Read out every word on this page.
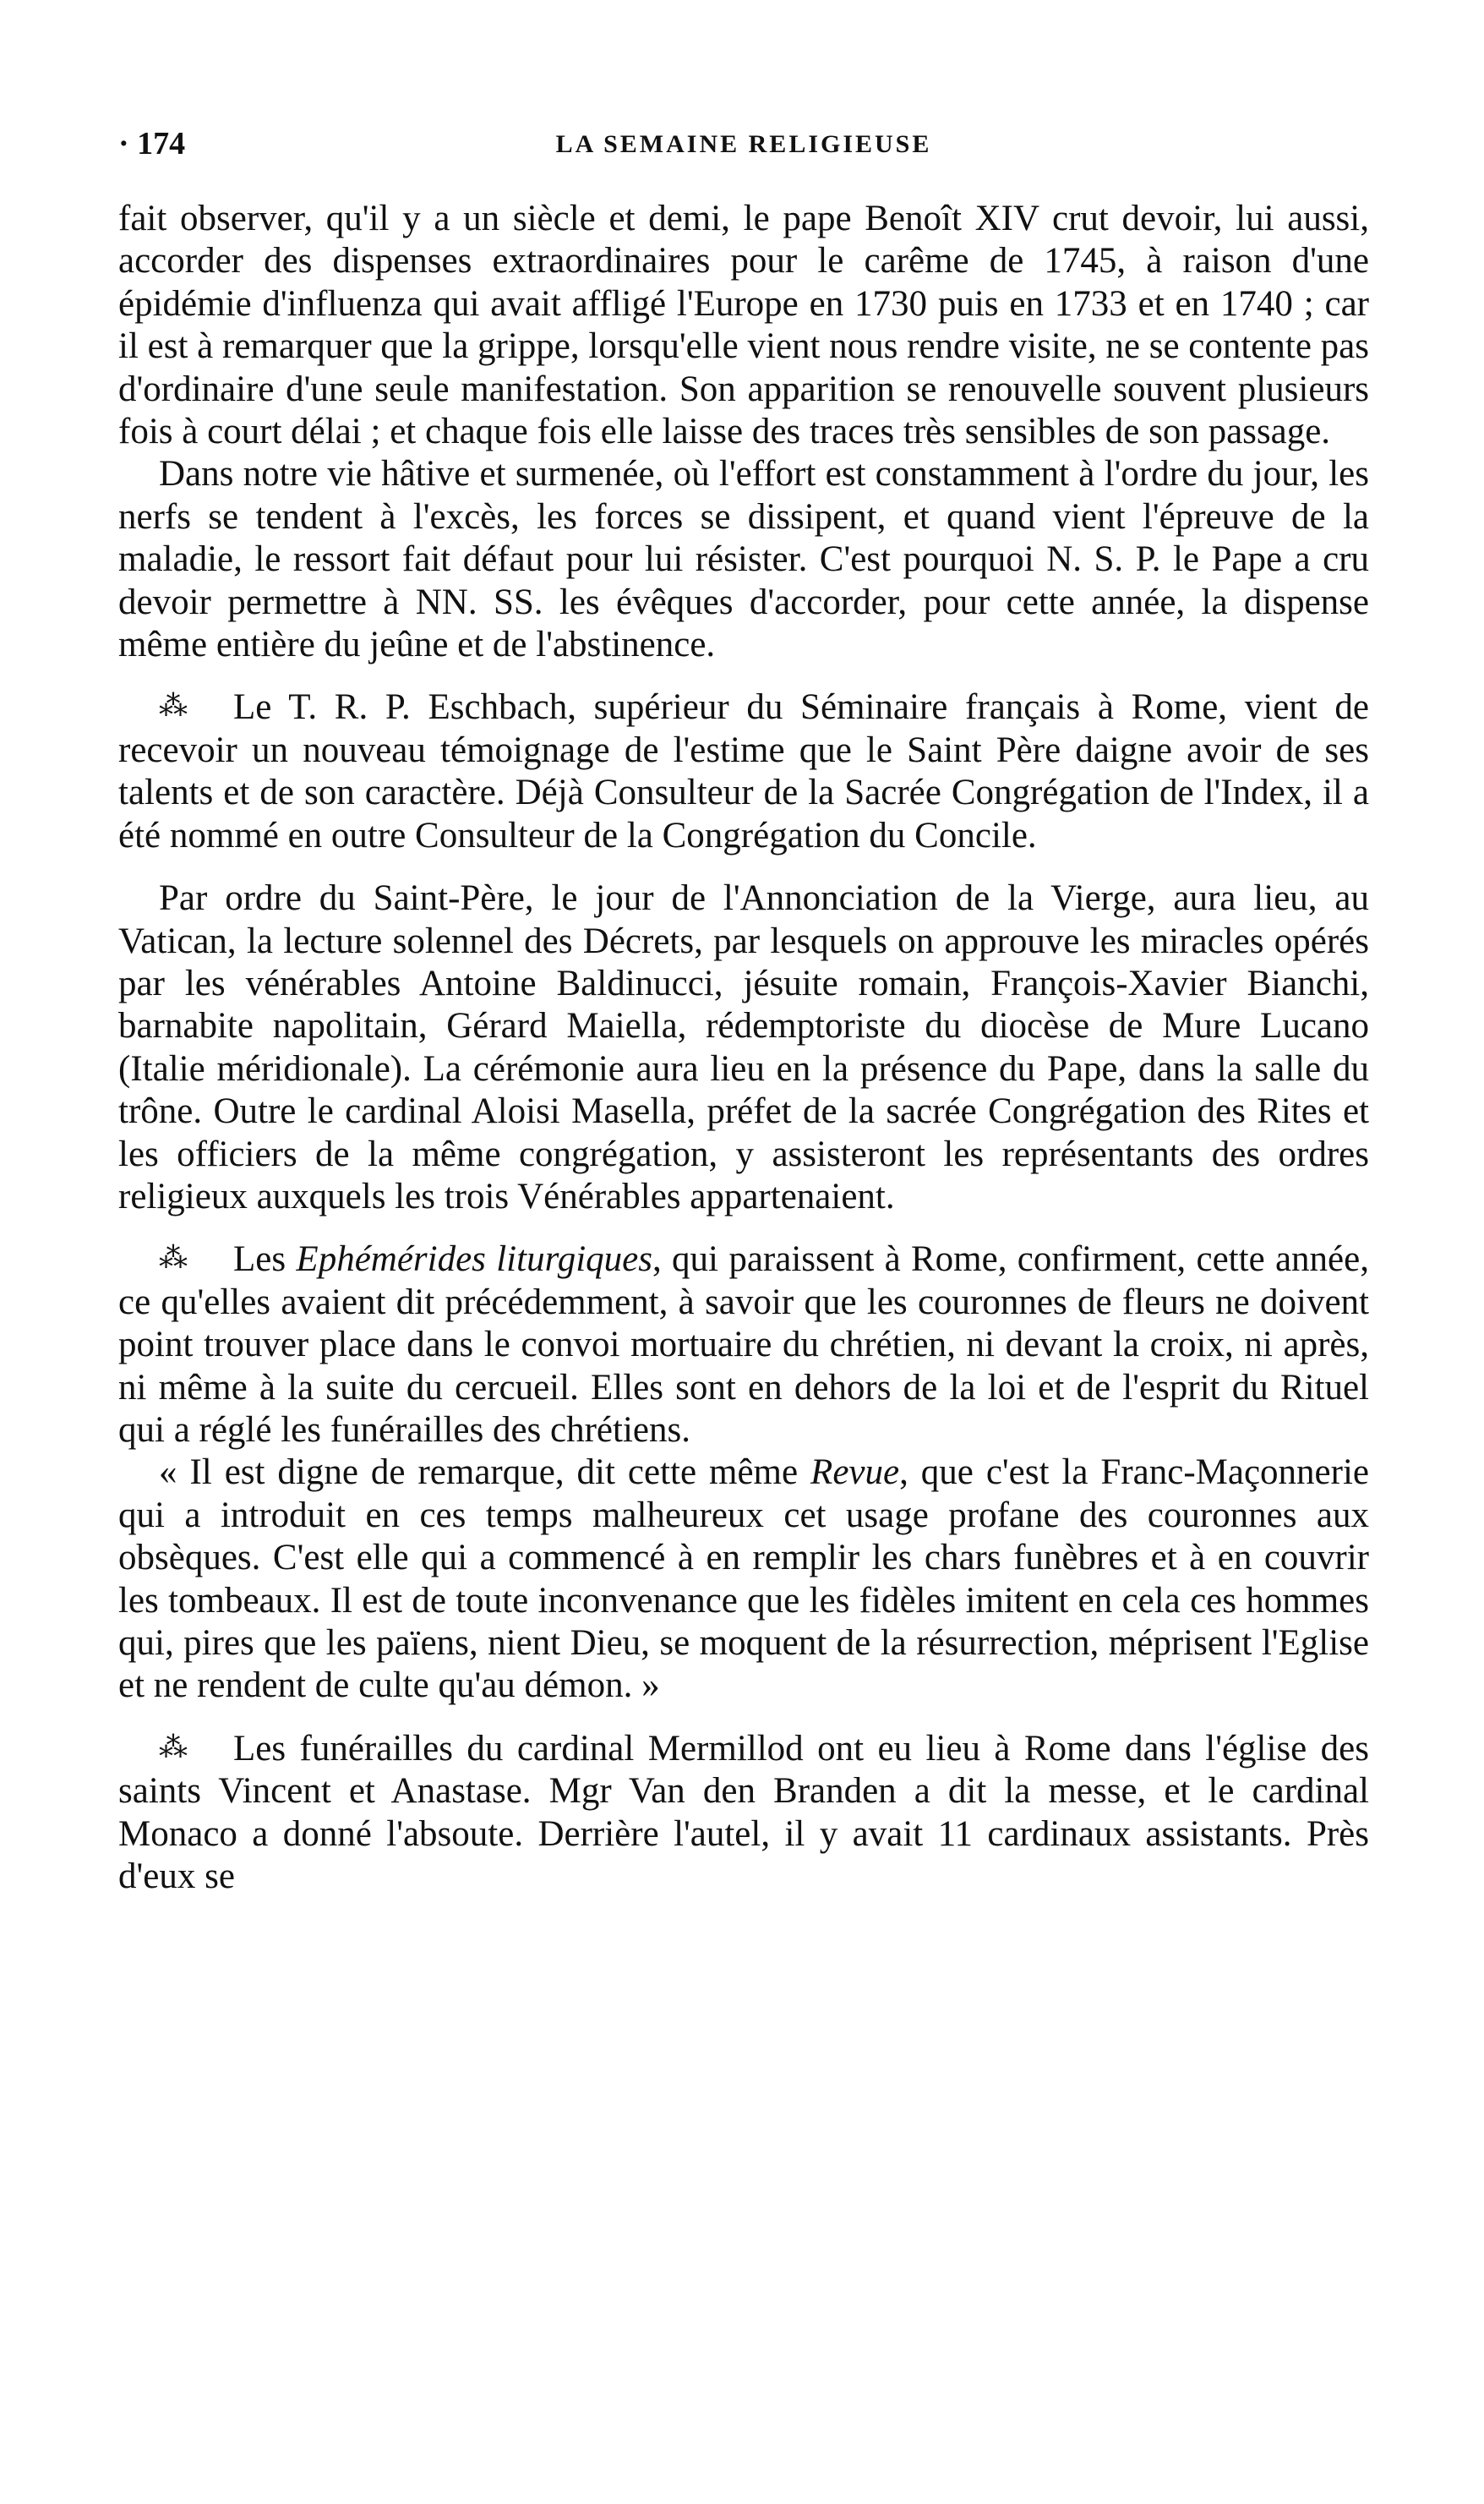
· 174	LA SEMAINE RELIGIEUSE

fait observer, qu'il y a un siècle et demi, le pape Benoît XIV crut devoir, lui aussi, accorder des dispenses extraordinaires pour le carême de 1745, à raison d'une épidémie d'influenza qui avait affligé l'Europe en 1730 puis en 1733 et en 1740 ; car il est à remarquer que la grippe, lorsqu'elle vient nous rendre visite, ne se contente pas d'ordinaire d'une seule manifestation. Son apparition se renouvelle souvent plusieurs fois à court délai ; et chaque fois elle laisse des traces très sensibles de son passage.

Dans notre vie hâtive et surmenée, où l'effort est constamment à l'ordre du jour, les nerfs se tendent à l'excès, les forces se dissipent, et quand vient l'épreuve de la maladie, le ressort fait défaut pour lui résister. C'est pourquoi N. S. P. le Pape a cru devoir permettre à NN. SS. les évêques d'accorder, pour cette année, la dispense même entière du jeûne et de l'abstinence.

⁂ Le T. R. P. Eschbach, supérieur du Séminaire français à Rome, vient de recevoir un nouveau témoignage de l'estime que le Saint Père daigne avoir de ses talents et de son caractère. Déjà Consulteur de la Sacrée Congrégation de l'Index, il a été nommé en outre Consulteur de la Congrégation du Concile.

Par ordre du Saint-Père, le jour de l'Annonciation de la Vierge, aura lieu, au Vatican, la lecture solennel des Décrets, par lesquels on approuve les miracles opérés par les vénérables Antoine Baldinucci, jésuite romain, François-Xavier Bianchi, barnabite napolitain, Gérard Maiella, rédemptoriste du diocèse de Mure Lucano (Italie méridionale). La cérémonie aura lieu en la présence du Pape, dans la salle du trône. Outre le cardinal Aloisi Masella, préfet de la sacrée Congrégation des Rites et les officiers de la même congrégation, y assisteront les représentants des ordres religieux auxquels les trois Vénérables appartenaient.

⁂ Les Ephémérides liturgiques, qui paraissent à Rome, confirment, cette année, ce qu'elles avaient dit précédemment, à savoir que les couronnes de fleurs ne doivent point trouver place dans le convoi mortuaire du chrétien, ni devant la croix, ni après, ni même à la suite du cercueil. Elles sont en dehors de la loi et de l'esprit du Rituel qui a réglé les funérailles des chrétiens.

« Il est digne de remarque, dit cette même Revue, que c'est la Franc-Maçonnerie qui a introduit en ces temps malheureux cet usage profane des couronnes aux obsèques. C'est elle qui a commencé à en remplir les chars funèbres et à en couvrir les tombeaux. Il est de toute inconvenance que les fidèles imitent en cela ces hommes qui, pires que les païens, nient Dieu, se moquent de la résurrection, méprisent l'Eglise et ne rendent de culte qu'au démon. »

⁂ Les funérailles du cardinal Mermillod ont eu lieu à Rome dans l'église des saints Vincent et Anastase. Mgr Van den Branden a dit la messe, et le cardinal Monaco a donné l'absoute. Derrière l'autel, il y avait 11 cardinaux assistants. Près d'eux se
